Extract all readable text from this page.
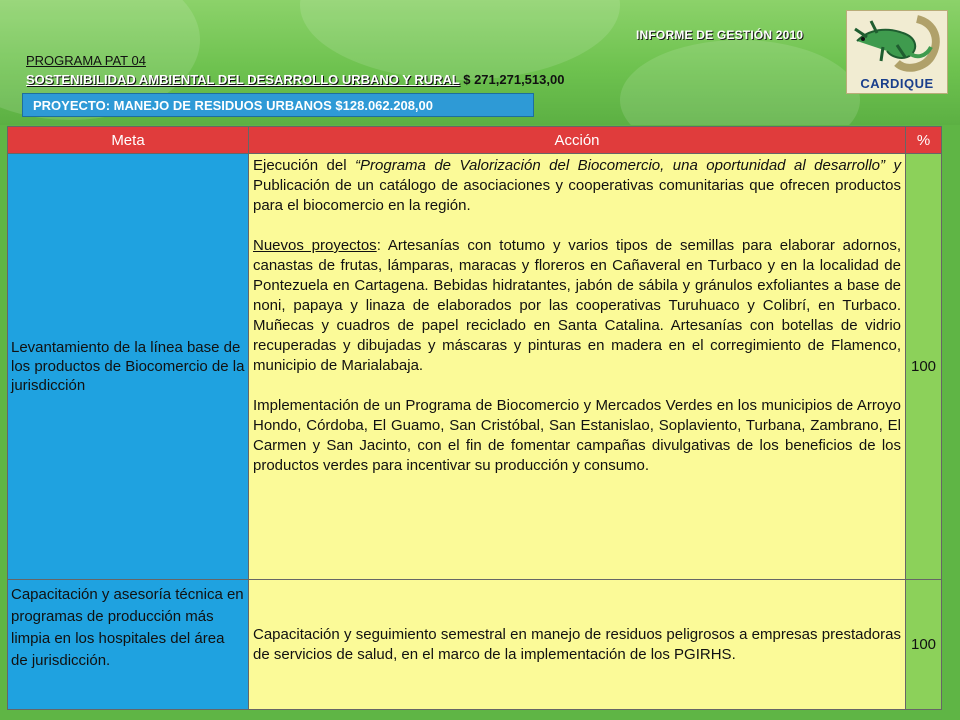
INFORME DE GESTIÓN 2010
PROGRAMA PAT 04
SOSTENIBILIDAD AMBIENTAL DEL DESARROLLO URBANO Y RURAL $ 271,271,513,00
PROYECTO: MANEJO DE RESIDUOS URBANOS $128.062.208,00
CARDIQUE
Meta	Acción	%
Levantamiento de la línea base de los productos de Biocomercio de la jurisdicción	Ejecución del “Programa de Valorización del Biocomercio, una oportunidad al desarrollo” y Publicación de un catálogo de asociaciones y cooperativas comunitarias que ofrecen productos para el biocomercio en la región.

Nuevos proyectos: Artesanías con totumo y varios tipos de semillas para elaborar adornos, canastas de frutas, lámparas, maracas y floreros en Cañaveral en Turbaco y en la localidad de Pontezuela en Cartagena. Bebidas hidratantes, jabón de sábila y gránulos exfoliantes a base de noni, papaya y linaza de elaborados por las cooperativas Turuhuaco y Colibrí, en Turbaco. Muñecas y cuadros de papel reciclado en Santa Catalina. Artesanías con botellas de vidrio recuperadas y dibujadas y máscaras y pinturas en madera en el corregimiento de Flamenco, municipio de Marialabaja.

Implementación de un Programa de Biocomercio y Mercados Verdes en los municipios de Arroyo Hondo, Córdoba, El Guamo, San Cristóbal, San Estanislao, Soplaviento, Turbana, Zambrano, El Carmen y San Jacinto, con el fin de fomentar campañas divulgativas de los beneficios de los productos verdes para incentivar su producción y consumo.	100
Capacitación y asesoría técnica en programas de producción más limpia en los hospitales del área de jurisdicción.	Capacitación y seguimiento semestral en manejo de residuos peligrosos a empresas prestadoras de servicios de salud, en el marco de la implementación de los PGIRHS.	100
